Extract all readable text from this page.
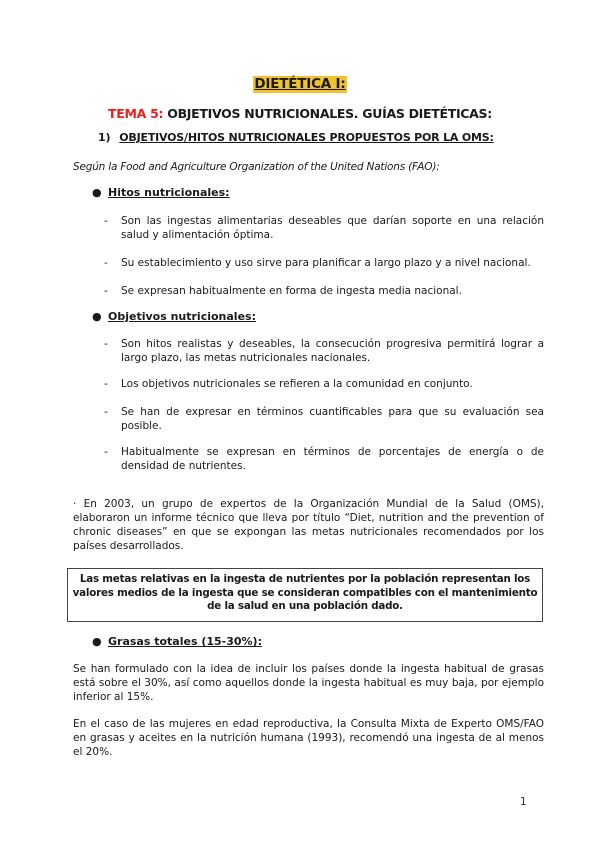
DIETÉTICA I:
TEMA 5: OBJETIVOS NUTRICIONALES. GUÍAS DIETÉTICAS:
1) OBJETIVOS/HITOS NUTRICIONALES PROPUESTOS POR LA OMS:
Según la Food and Agriculture Organization of the United Nations (FAO):
● Hitos nutricionales:
- Son las ingestas alimentarias deseables que darían soporte en una relación salud y alimentación óptima.
- Su establecimiento y uso sirve para planificar a largo plazo y a nivel nacional.
- Se expresan habitualmente en forma de ingesta media nacional.
● Objetivos nutricionales:
- Son hitos realistas y deseables, la consecución progresiva permitirá lograr a largo plazo, las metas nutricionales nacionales.
- Los objetivos nutricionales se refieren a la comunidad en conjunto.
- Se han de expresar en términos cuantificables para que su evaluación sea posible.
- Habitualmente se expresan en términos de porcentajes de energía o de densidad de nutrientes.
· En 2003, un grupo de expertos de la Organización Mundial de la Salud (OMS), elaboraron un informe técnico que lleva por título “Diet, nutrition and the prevention of chronic diseases” en que se expongan las metas nutricionales recomendados por los países desarrollados.
Las metas relativas en la ingesta de nutrientes por la población representan los valores medios de la ingesta que se consideran compatibles con el mantenimiento de la salud en una población dado.
● Grasas totales (15-30%):
Se han formulado con la idea de incluir los países donde la ingesta habitual de grasas está sobre el 30%, así como aquellos donde la ingesta habitual es muy baja, por ejemplo inferior al 15%.
En el caso de las mujeres en edad reproductiva, la Consulta Mixta de Experto OMS/FAO en grasas y aceites en la nutrición humana (1993), recomendó una ingesta de al menos el 20%.
1
